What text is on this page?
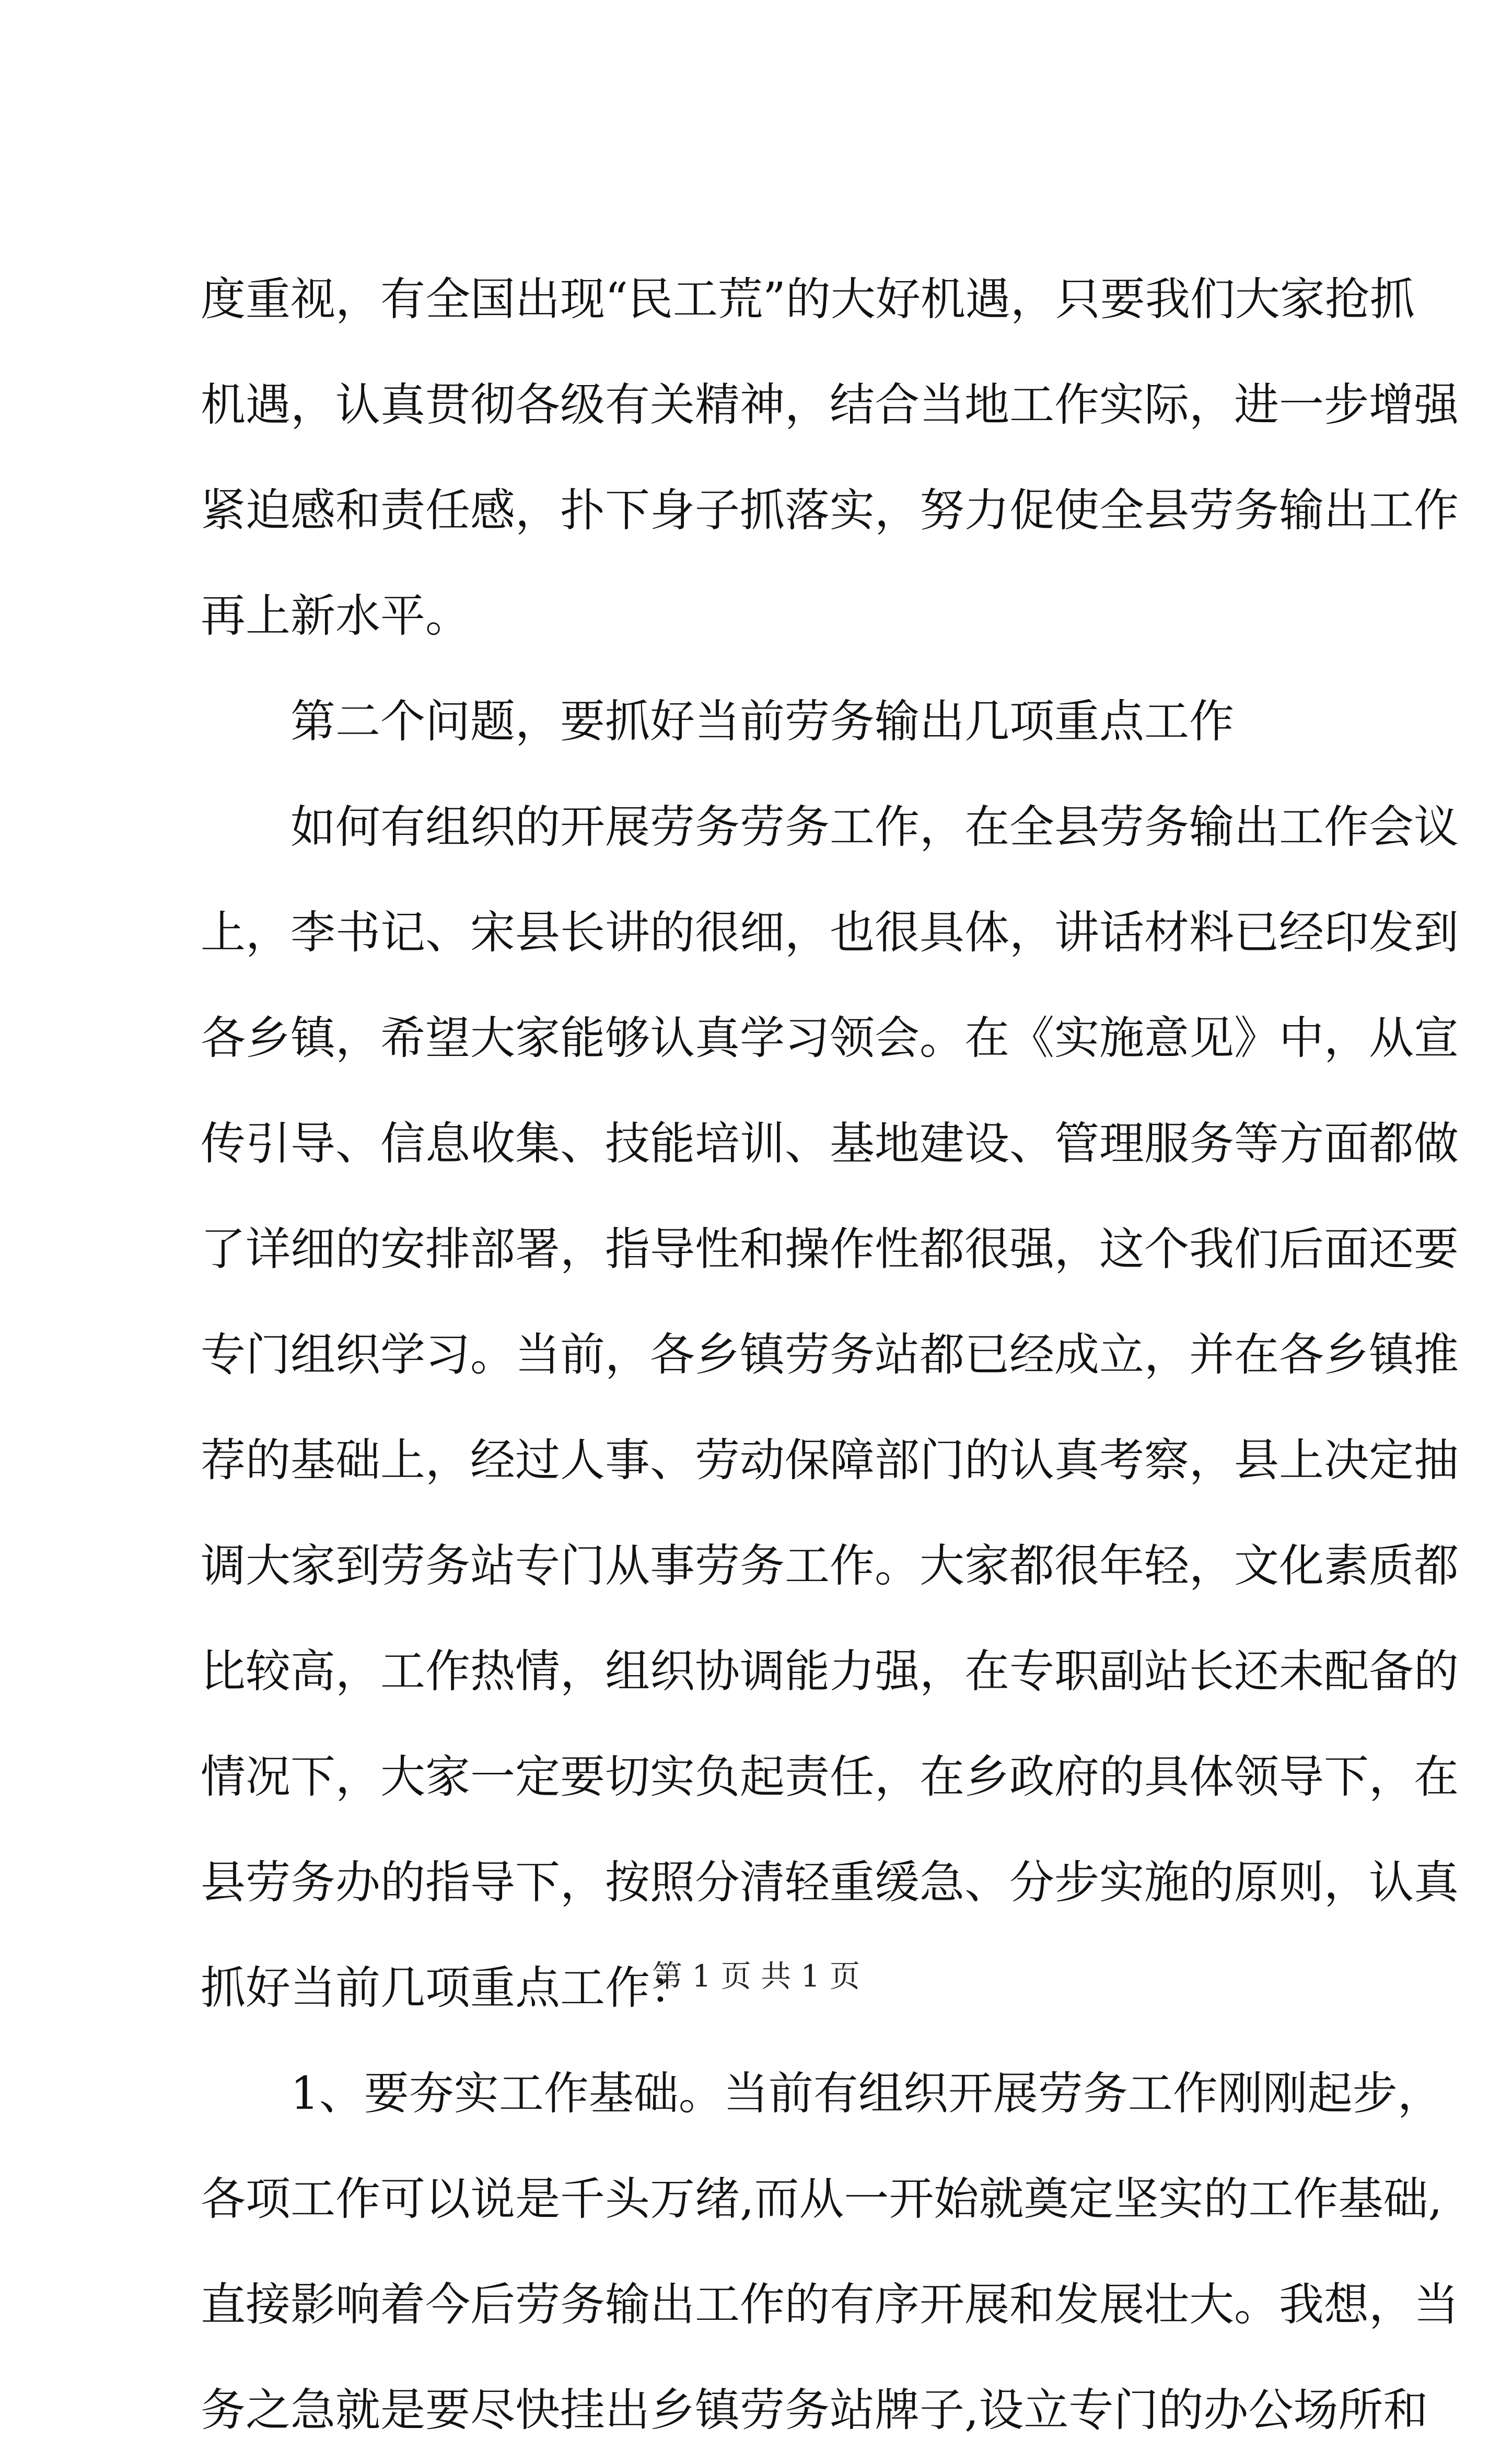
度重视，有全国出现“民工荒”的大好机遇，只要我们大家抢抓
机遇，认真贯彻各级有关精神，结合当地工作实际，进一步增强
紧迫感和责任感，扑下身子抓落实，努力促使全县劳务输出工作
再上新水平。
第二个问题，要抓好当前劳务输出几项重点工作
如何有组织的开展劳务劳务工作，在全县劳务输出工作会议
上，李书记、宋县长讲的很细，也很具体，讲话材料已经印发到
各乡镇，希望大家能够认真学习领会。在《实施意见》中，从宣
传引导、信息收集、技能培训、基地建设、管理服务等方面都做
了详细的安排部署，指导性和操作性都很强，这个我们后面还要
专门组织学习。当前，各乡镇劳务站都已经成立，并在各乡镇推
荐的基础上，经过人事、劳动保障部门的认真考察，县上决定抽
调大家到劳务站专门从事劳务工作。大家都很年轻，文化素质都
比较高，工作热情，组织协调能力强，在专职副站长还未配备的
情况下，大家一定要切实负起责任，在乡政府的具体领导下，在
县劳务办的指导下，按照分清轻重缓急、分步实施的原则，认真
抓好当前几项重点工作：
1、要夯实工作基础。当前有组织开展劳务工作刚刚起步，
各项工作可以说是千头万绪,而从一开始就奠定坚实的工作基础,
直接影响着今后劳务输出工作的有序开展和发展壮大。我想，当
务之急就是要尽快挂出乡镇劳务站牌子,设立专门的办公场所和
第 1 页 共 1 页
